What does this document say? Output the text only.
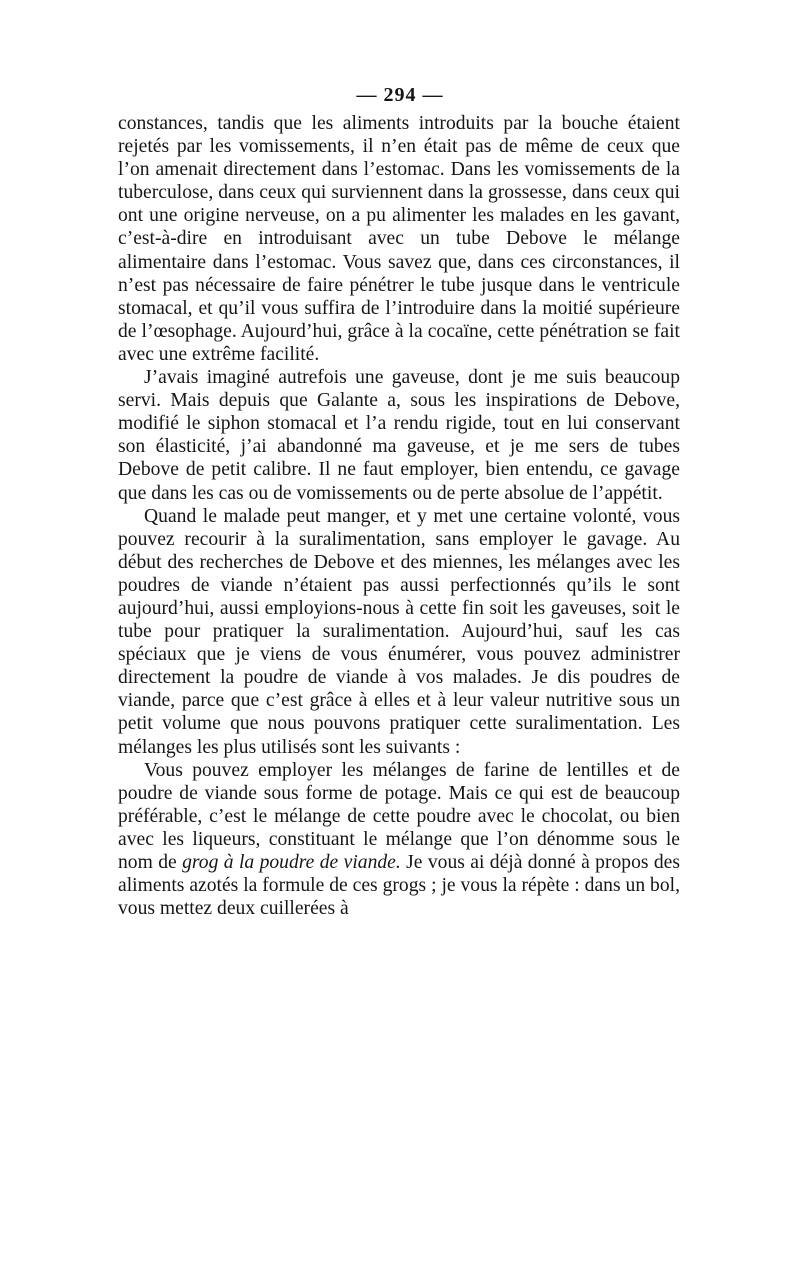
— 294 —

constances, tandis que les aliments introduits par la bouche étaient rejetés par les vomissements, il n’en était pas de même de ceux que l’on amenait directement dans l’estomac. Dans les vomissements de la tuberculose, dans ceux qui surviennent dans la grossesse, dans ceux qui ont une origine nerveuse, on a pu alimenter les malades en les gavant, c’est-à-dire en introduisant avec un tube Debove le mélange alimentaire dans l’estomac. Vous savez que, dans ces circonstances, il n’est pas nécessaire de faire pénétrer le tube jusque dans le ventricule stomacal, et qu’il vous suffira de l’introduire dans la moitié supérieure de l’œsophage. Aujourd’hui, grâce à la cocaïne, cette pénétration se fait avec une extrême facilité.

J’avais imaginé autrefois une gaveuse, dont je me suis beaucoup servi. Mais depuis que Galante a, sous les inspirations de Debove, modifié le siphon stomacal et l’a rendu rigide, tout en lui conservant son élasticité, j’ai abandonné ma gaveuse, et je me sers de tubes Debove de petit calibre. Il ne faut employer, bien entendu, ce gavage que dans les cas ou de vomissements ou de perte absolue de l’appétit.

Quand le malade peut manger, et y met une certaine volonté, vous pouvez recourir à la suralimentation, sans employer le gavage. Au début des recherches de Debove et des miennes, les mélanges avec les poudres de viande n’étaient pas aussi perfectionnés qu’ils le sont aujourd’hui, aussi employions-nous à cette fin soit les gaveuses, soit le tube pour pratiquer la suralimentation. Aujourd’hui, sauf les cas spéciaux que je viens de vous énumérer, vous pouvez administrer directement la poudre de viande à vos malades. Je dis poudres de viande, parce que c’est grâce à elles et à leur valeur nutritive sous un petit volume que nous pouvons pratiquer cette suralimentation. Les mélanges les plus utilisés sont les suivants :

Vous pouvez employer les mélanges de farine de lentilles et de poudre de viande sous forme de potage. Mais ce qui est de beaucoup préférable, c’est le mélange de cette poudre avec le chocolat, ou bien avec les liqueurs, constituant le mélange que l’on dénomme sous le nom de grog à la poudre de viande. Je vous ai déjà donné à propos des aliments azotés la formule de ces grogs ; je vous la répète : dans un bol, vous mettez deux cuillerées à
